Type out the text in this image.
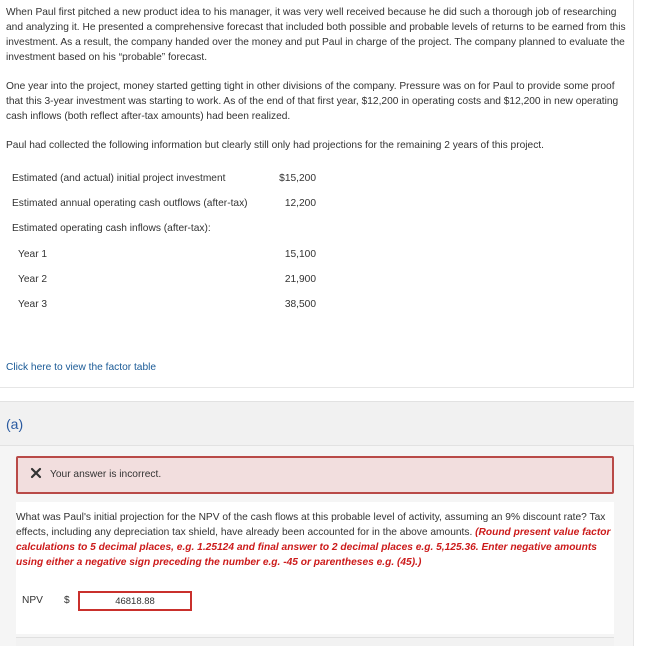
When Paul first pitched a new product idea to his manager, it was very well received because he did such a thorough job of researching and analyzing it. He presented a comprehensive forecast that included both possible and probable levels of returns to be earned from this investment. As a result, the company handed over the money and put Paul in charge of the project. The company planned to evaluate the investment based on his “probable” forecast.

One year into the project, money started getting tight in other divisions of the company. Pressure was on for Paul to provide some proof that this 3-year investment was starting to work. As of the end of that first year, $12,200 in operating costs and $12,200 in new operating cash inflows (both reflect after-tax amounts) had been realized.

Paul had collected the following information but clearly still only had projections for the remaining 2 years of this project.

Estimated (and actual) initial project investment	$15,200
Estimated annual operating cash outflows (after-tax)	12,200
Estimated operating cash inflows (after-tax):
Year 1	15,100
Year 2	21,900
Year 3	38,500
Click here to view the factor table
(a)
Your answer is incorrect.

What was Paul's initial projection for the NPV of the cash flows at this probable level of activity, assuming an 9% discount rate? Tax effects, including any depreciation tax shield, have already been accounted for in the above amounts. (Round present value factor calculations to 5 decimal places, e.g. 1.25124 and final answer to 2 decimal places e.g. 5,125.36. Enter negative amounts using either a negative sign preceding the number e.g. -45 or parentheses e.g. (45).)

NPV $
46818.88
